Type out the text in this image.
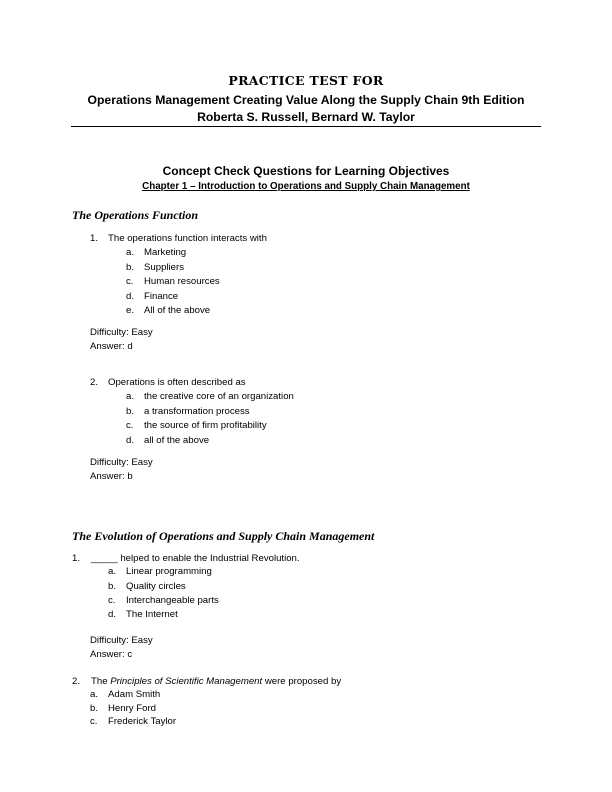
PRACTICE TEST FOR
Operations Management Creating Value Along the Supply Chain 9th Edition
Roberta S. Russell, Bernard W. Taylor
Concept Check Questions for Learning Objectives
Chapter 1 – Introduction to Operations and Supply Chain Management
The Operations Function
1. The operations function interacts with
a. Marketing
b. Suppliers
c. Human resources
d. Finance
e. All of the above
Difficulty: Easy
Answer: d
2. Operations is often described as
a. the creative core of an organization
b. a transformation process
c. the source of firm profitability
d. all of the above
Difficulty: Easy
Answer: b
The Evolution of Operations and Supply Chain Management
1. _____ helped to enable the Industrial Revolution.
a. Linear programming
b. Quality circles
c. Interchangeable parts
d. The Internet
Difficulty: Easy
Answer: c
2. The Principles of Scientific Management were proposed by
a. Adam Smith
b. Henry Ford
c. Frederick Taylor
